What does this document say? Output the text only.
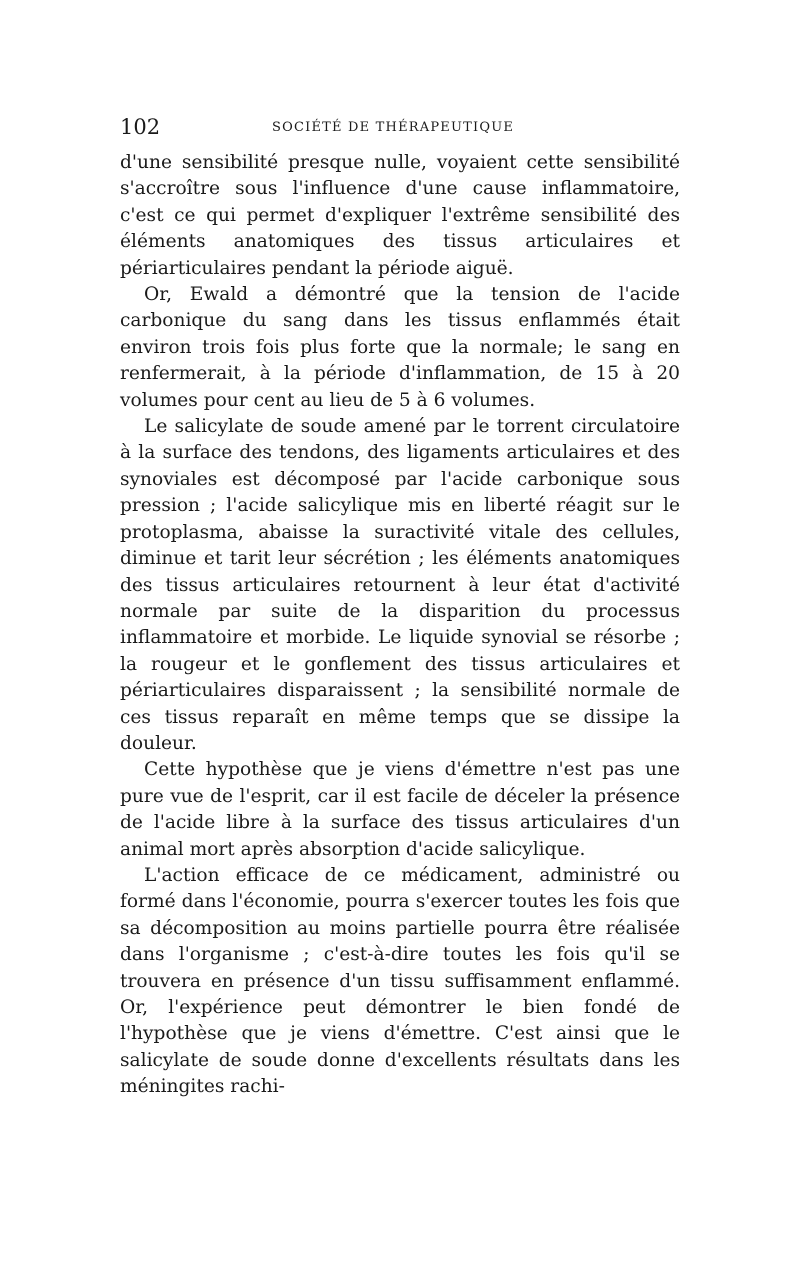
102	SOCIÉTÉ DE THÉRAPEUTIQUE

d'une sensibilité presque nulle, voyaient cette sensibilité s'accroître sous l'influence d'une cause inflammatoire, c'est ce qui permet d'expliquer l'extrême sensibilité des éléments anatomiques des tissus articulaires et périarticulaires pendant la période aiguë.

Or, Ewald a démontré que la tension de l'acide carbonique du sang dans les tissus enflammés était environ trois fois plus forte que la normale; le sang en renfermerait, à la période d'inflammation, de 15 à 20 volumes pour cent au lieu de 5 à 6 volumes.

Le salicylate de soude amené par le torrent circulatoire à la surface des tendons, des ligaments articulaires et des synoviales est décomposé par l'acide carbonique sous pression ; l'acide salicylique mis en liberté réagit sur le protoplasma, abaisse la suractivité vitale des cellules, diminue et tarit leur sécrétion ; les éléments anatomiques des tissus articulaires retournent à leur état d'activité normale par suite de la disparition du processus inflammatoire et morbide. Le liquide synovial se résorbe ; la rougeur et le gonflement des tissus articulaires et périarticulaires disparaissent ; la sensibilité normale de ces tissus reparaît en même temps que se dissipe la douleur.

Cette hypothèse que je viens d'émettre n'est pas une pure vue de l'esprit, car il est facile de déceler la présence de l'acide libre à la surface des tissus articulaires d'un animal mort après absorption d'acide salicylique.

L'action efficace de ce médicament, administré ou formé dans l'économie, pourra s'exercer toutes les fois que sa décomposition au moins partielle pourra être réalisée dans l'organisme ; c'est-à-dire toutes les fois qu'il se trouvera en présence d'un tissu suffisamment enflammé. Or, l'expérience peut démontrer le bien fondé de l'hypothèse que je viens d'émettre. C'est ainsi que le salicylate de soude donne d'excellents résultats dans les méningites rachi-
